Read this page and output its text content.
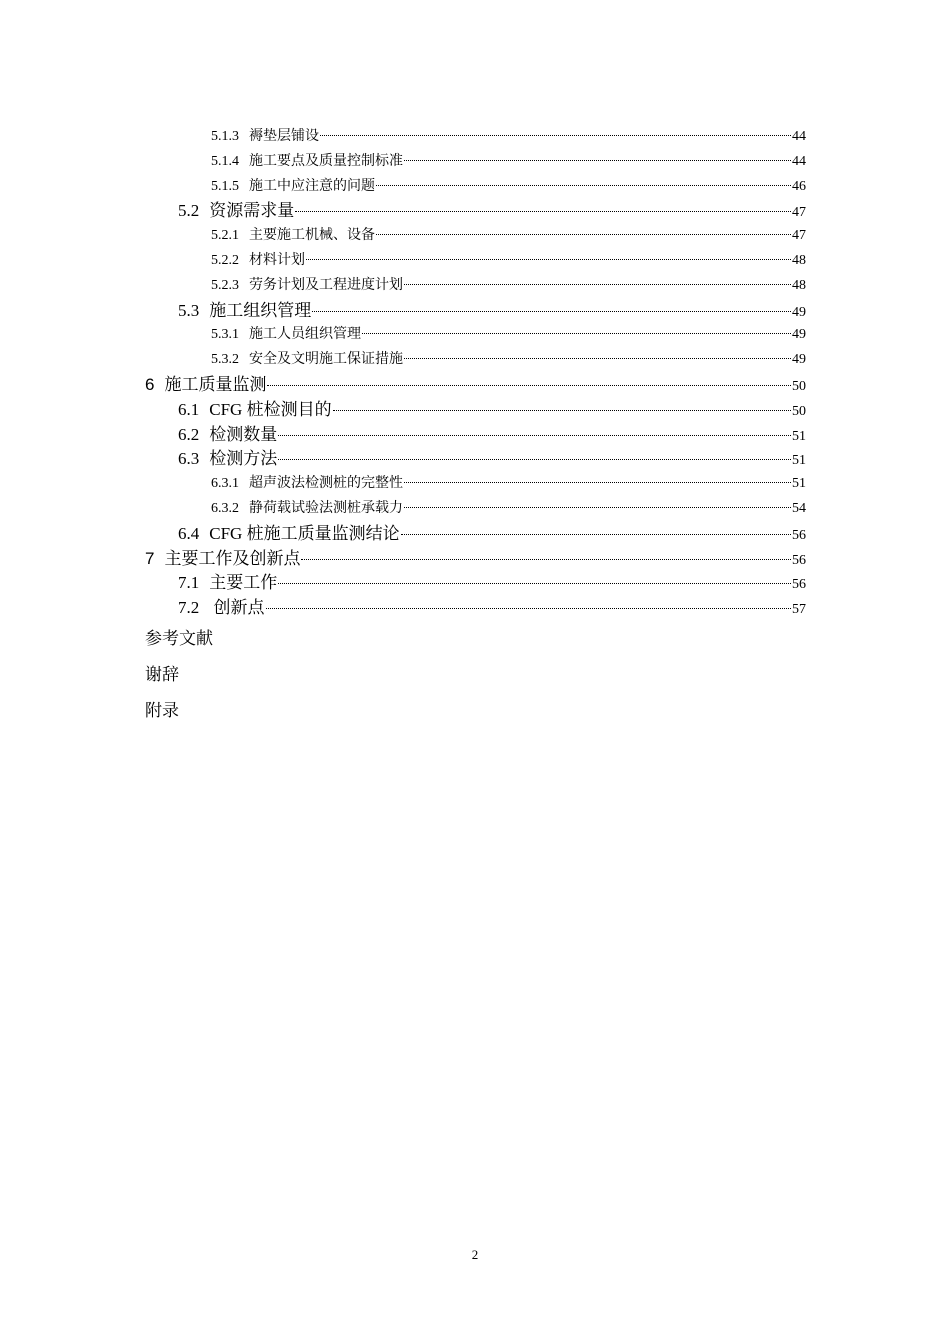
5.1.3 褥垫层铺设	44
5.1.4 施工要点及质量控制标准	44
5.1.5 施工中应注意的问题	46
5.2 资源需求量	47
5.2.1 主要施工机械、设备	47
5.2.2 材料计划	48
5.2.3 劳务计划及工程进度计划	48
5.3 施工组织管理	49
5.3.1 施工人员组织管理	49
5.3.2 安全及文明施工保证措施	49
6 施工质量监测	50
6.1 CFG 桩检测目的	50
6.2 检测数量	51
6.3 检测方法	51
6.3.1 超声波法检测桩的完整性	51
6.3.2 静荷载试验法测桩承载力	54
6.4 CFG 桩施工质量监测结论	56
7 主要工作及创新点	56
7.1 主要工作	56
7.2 创新点	57
参考文献
谢辞
附录
2
